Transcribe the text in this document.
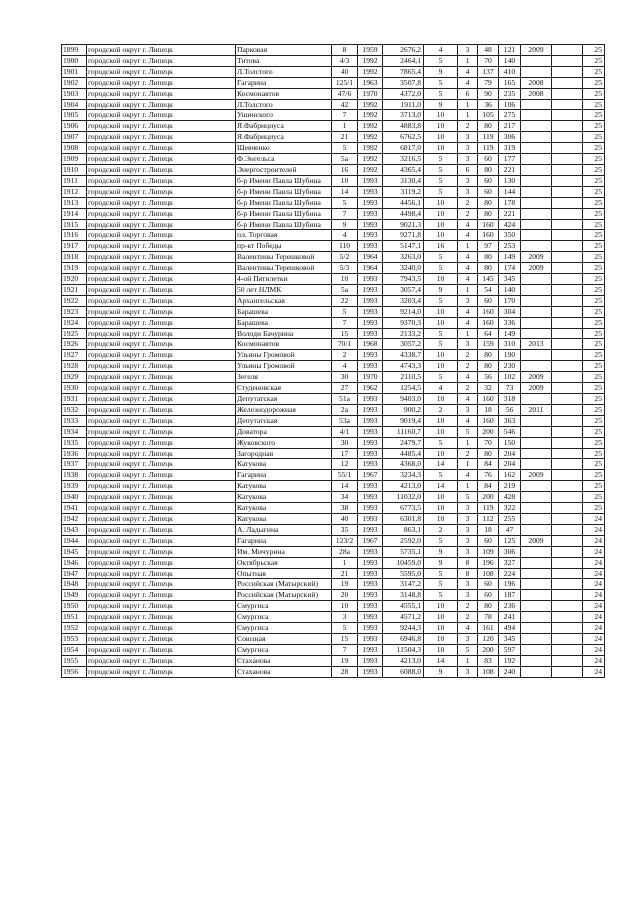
1899	городской округ г. Липецк	Парковая	8	1959	2676,2	4	3	48	121	2009		25
1900	городской округ г. Липецк	Титова	4/3	1992	2464,1	5	1	70	140			25
1901	городской округ г. Липецк	Л.Толстого	40	1992	7865,4	9	4	137	410			25
1902	городской округ г. Липецк	Гагарина	125/1	1963	3507,8	5	4	79	165	2008		25
1903	городской округ г. Липецк	Космонавтов	47/6	1970	4372,0	5	6	90	235	2008		25
1904	городской округ г. Липецк	Л.Толстого	42	1992	1911,0	9	1	36	106			25
1905	городской округ г. Липецк	Ушинского	7	1992	3713,0	10	1	105	275			25
1906	городской округ г. Липецк	Я.Фабрициуса	1	1992	4883,8	10	2	80	217			25
1907	городской округ г. Липецк	Я.Фабрициуса	21	1992	6762,5	10	3	119	306			25
1908	городской округ г. Липецк	Шевченко	5	1992	6817,0	10	3	119	319			25
1909	городской округ г. Липецк	Ф.Энгельса	5а	1992	3216,5	5	3	60	177			25
1910	городской округ г. Липецк	Энергостроителей	16	1992	4365,4	5	6	80	221			25
1911	городской округ г. Липецк	б-р Имени Павла Шубина	10	1993	3130,4	5	3	60	130			25
1912	городской округ г. Липецк	б-р Имени Павла Шубина	14	1993	3119,2	5	3	60	144			25
1913	городской округ г. Липецк	б-р Имени Павла Шубина	5	1993	4456,1	10	2	80	178			25
1914	городской округ г. Липецк	б-р Имени Павла Шубина	7	1993	4498,4	10	2	80	221			25
1915	городской округ г. Липецк	б-р Имени Павла Шубина	9	1993	9021,3	10	4	160	424			25
1916	городской округ г. Липецк	пл. Торговая	4	1993	9271,8	10	4	160	350			25
1917	городской округ г. Липецк	пр-кт Победы	110	1993	5147,1	16	1	97	253			25
1918	городской округ г. Липецк	Валентины Терешковой	5/2	1964	3263,0	5	4	80	149	2009		25
1919	городской округ г. Липецк	Валентины Терешковой	5/3	1964	3240,0	5	4	80	174	2009		25
1920	городской округ г. Липецк	4-ой Пятилетки	10	1993	7943,5	10	4	145	345			25
1921	городской округ г. Липецк	50 лет НЛМК	5а	1993	3057,4	9	1	54	140			25
1922	городской округ г. Липецк	Архангельская	22	1993	3203,4	5	3	60	170			25
1923	городской округ г. Липецк	Барашева	5	1993	9214,0	10	4	160	304			25
1924	городской округ г. Липецк	Барашева	7	1993	9370,3	10	4	160	336			25
1925	городской округ г. Липецк	Володи Бачурина	15	1993	2133,2	5	1	64	149			25
1926	городской округ г. Липецк	Космонавтов	70/1	1968	3057,2	5	3	159	310	2013		25
1927	городской округ г. Липецк	Ульяны Громовой	2	1993	4338,7	10	2	80	190			25
1928	городской округ г. Липецк	Ульяны Громовой	4	1993	4743,3	10	2	80	230			25
1929	городской округ г. Липецк	Зегеля	30	1970	2110,5	5	4	56	102	2009		25
1930	городской округ г. Липецк	Студеновская	27	1962	1254,5	4	2	32	73	2009		25
1931	городской округ г. Липецк	Депутатская	51а	1993	9403,0	10	4	160	318			25
1932	городской округ г. Липецк	Железнодорожная	2а	1993	900,2	2	3	18	56	2011		25
1933	городской округ г. Липецк	Депутатская	53а	1993	9019,4	10	4	160	363			25
1934	городской округ г. Липецк	Доватора	4/1	1993	11160,7	10	5	200	546			25
1935	городской округ г. Липецк	Жуковского	30	1993	2479,7	5	1	70	150			25
1936	городской округ г. Липецк	Загородная	17	1993	4485,4	10	2	80	204			25
1937	городской округ г. Липецк	Катукова	12	1993	4368,0	14	1	84	204			25
1938	городской округ г. Липецк	Гагарина	55/1	1967	3234,3	5	4	76	162	2009		25
1939	городской округ г. Липецк	Катукова	14	1993	4213,0	14	1	84	219			25
1940	городской округ г. Липецк	Катукова	34	1993	11032,0	10	5	200	428			25
1941	городской округ г. Липецк	Катукова	38	1993	6773,5	10	3	119	322			25
1942	городской округ г. Липецк	Катукова	40	1993	6301,8	10	3	112	255			24
1943	городской округ г. Липецк	А. Ладыгина	35	1993	863,1	2	3	18	47			24
1944	городской округ г. Липецк	Гагарина	123/2	1967	2592,0	5	3	60	125	2009		24
1945	городской округ г. Липецк	Им. Мичурина	28а	1993	5735,1	9	3	109	306			24
1946	городской округ г. Липецк	Октябрьская	1	1993	10459,0	9	8	196	327			24
1947	городской округ г. Липецк	Опытная	21	1993	5595,0	5	8	108	224			24
1948	городской округ г. Липецк	Российская (Матырский)	19	1993	3147,2	5	3	60	196			24
1949	городской округ г. Липецк	Российская (Матырский)	20	1993	3148,8	5	3	60	187			24
1950	городской округ г. Липецк	Смургиса	10	1993	4555,1	10	2	80	236			24
1951	городской округ г. Липецк	Смургиса	3	1993	4571,2	10	2	78	241			24
1952	городской округ г. Липецк	Смургиса	5	1993	9244,3	10	4	161	494			24
1953	городской округ г. Липецк	Союзная	15	1993	6946,8	10	3	120	345			24
1954	городской округ г. Липецк	Смургиса	7	1993	11504,3	10	5	200	597			24
1955	городской округ г. Липецк	Стаханова	19	1993	4213,0	14	1	83	192			24
1956	городской округ г. Липецк	Стаханова	28	1993	6088,0	9	3	108	240			24
